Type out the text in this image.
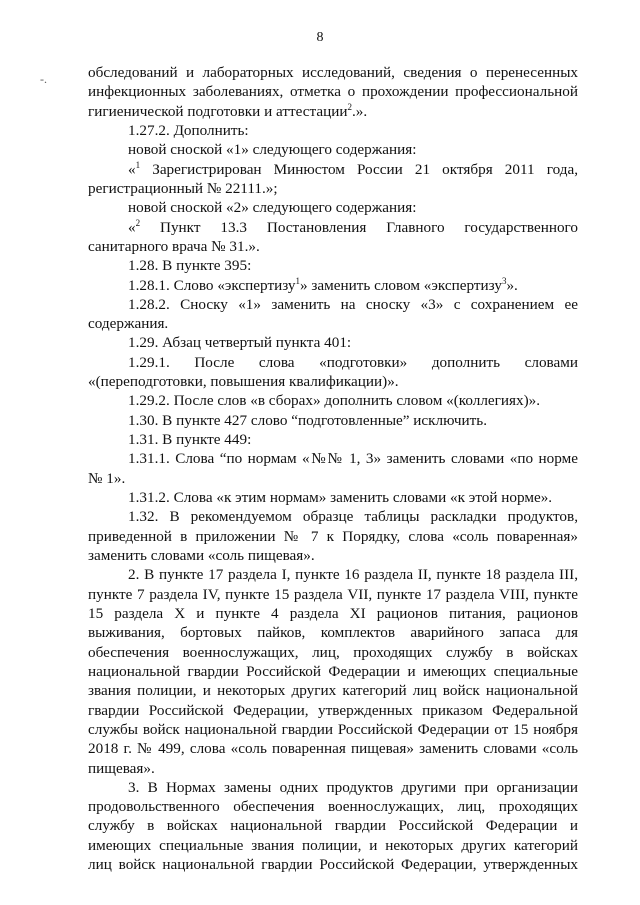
8
-.	обследований и лабораторных исследований, сведения о перенесенных
инфекционных заболеваниях, отметка о прохождении профессиональной
гигиенической подготовки и аттестации$^2$.».
1.27.2. Дополнить:
новой сноской «1» следующего содержания:
«$^1$ Зарегистрирован Минюстом России 21 октября 2011 года,
регистрационный № 22111.»;
новой сноской «2» следующего содержания:
«$^2$ Пункт 13.3 Постановления Главного государственного
санитарного врача № 31.».
1.28. В пункте 395:
1.28.1. Слово «экспертизу$^1$» заменить словом «экспертизу$^3$».
1.28.2. Сноску «1» заменить на сноску «3» с сохранением ее
содержания.
1.29. Абзац четвертый пункта 401:
1.29.1. После слова «подготовки» дополнить словами
«(переподготовки, повышения квалификации)».
1.29.2. После слов «в сборах» дополнить словом «(коллегиях)».
1.30. В пункте 427 слово “подготовленные” исключить.
1.31. В пункте 449:
1.31.1. Слова “по нормам «№№ 1, 3» заменить словами «по норме
№ 1».
1.31.2. Слова «к этим нормам» заменить словами «к этой норме».
1.32. В рекомендуемом образце таблицы раскладки продуктов,
приведенной в приложении № 7 к Порядку, слова «соль поваренная»
заменить словами «соль пищевая».
2. В пункте 17 раздела I, пункте 16 раздела II, пункте 18 раздела III,
пункте 7 раздела IV, пункте 15 раздела VII, пункте 17 раздела VIII, пункте
15 раздела X и пункте 4 раздела XI рационов питания, рационов
выживания, бортовых пайков, комплектов аварийного запаса для
обеспечения военнослужащих, лиц, проходящих службу в войсках
национальной гвардии Российской Федерации и имеющих специальные
звания полиции, и некоторых других категорий лиц войск национальной
гвардии Российской Федерации, утвержденных приказом Федеральной
службы войск национальной гвардии Российской Федерации от 15 ноября
2018 г. № 499, слова «соль поваренная пищевая» заменить словами «соль
пищевая».
3. В Нормах замены одних продуктов другими при организации
продовольственного обеспечения военнослужащих, лиц, проходящих
службу в войсках национальной гвардии Российской Федерации и
имеющих специальные звания полиции, и некоторых других категорий
лиц войск национальной гвардии Российской Федерации, утвержденных
